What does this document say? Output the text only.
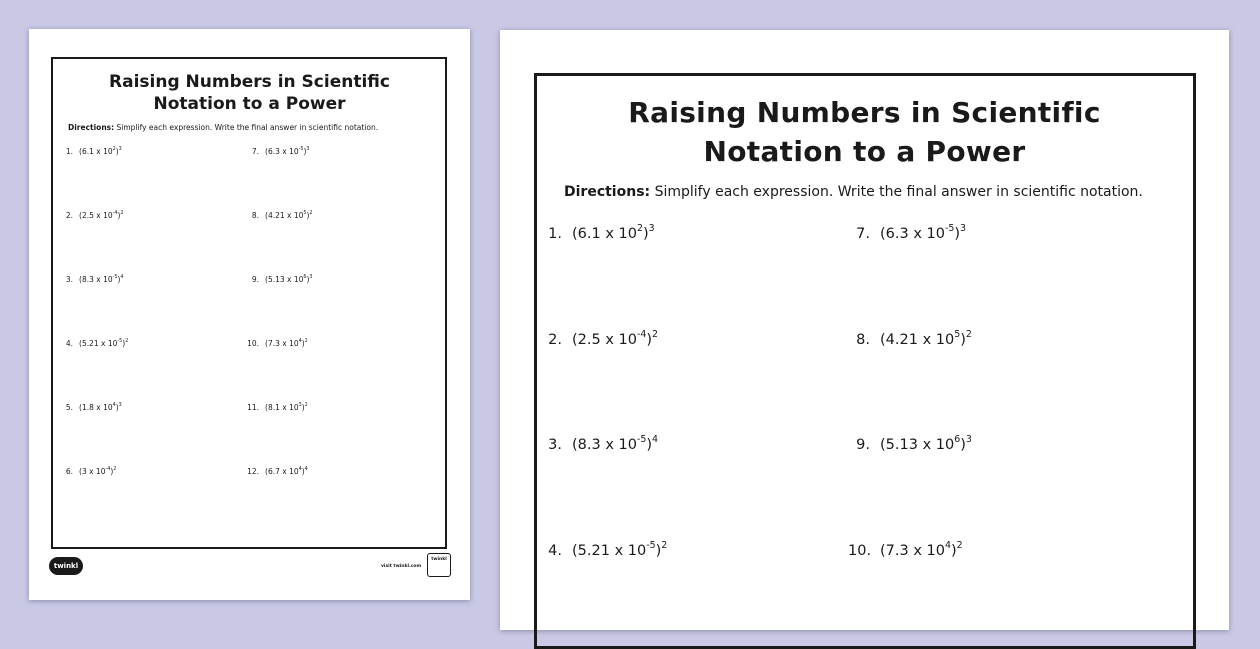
Raising Numbers in Scientific
Notation to a Power
Directions: Simplify each expression. Write the final answer in scientific notation.
1. (6.1 x $10^2)^3$
2. (2.5 x $10^{-4})^2$
3. (8.3 x $10^{-5})^4$
4. (5.21 x $10^{-5})^2$
5. (1.8 x $10^4)^3$
6. (3 x $10^{-4})^2$
7. (6.3 x $10^{-5})^3$
8. (4.21 x $10^5)^2$
9. (5.13 x $10^6)^3$
10. (7.3 x $10^4)^2$
11. (8.1 x $10^3)^2$
12. (6.7 x $10^4)^4$
twinkl	visit twinkl.com
twinkl
Raising Numbers in Scientific
Notation to a Power
Directions: Simplify each expression. Write the final answer in scientific notation.
1. (6.1 x $10^2)^3$
2. (2.5 x $10^{-4})^2$
3. (8.3 x $10^{-5})^4$
4. (5.21 x $10^{-5})^2$
7. (6.3 x $10^{-5})^3$
8. (4.21 x $10^5)^2$
9. (5.13 x $10^6)^3$
10. (7.3 x $10^4)^2$
